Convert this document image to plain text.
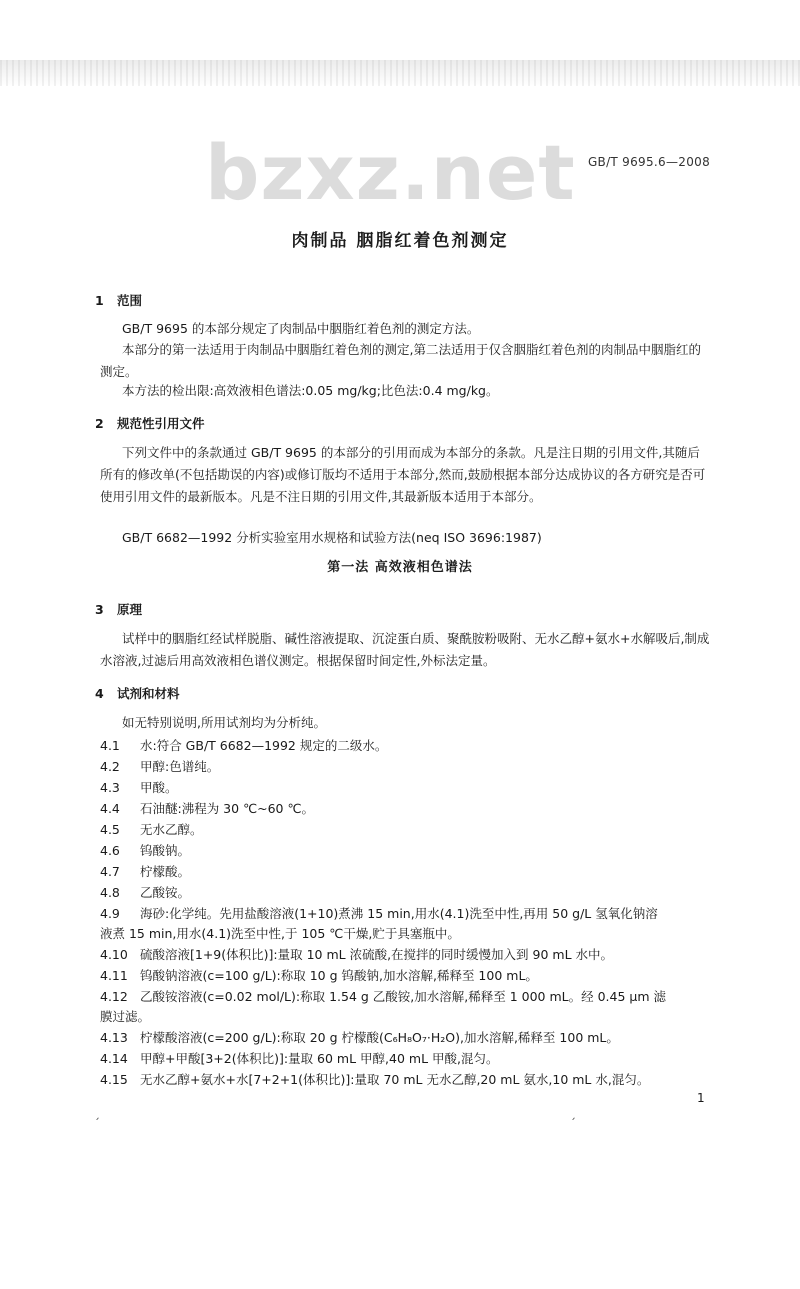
bzxz.net	GB/T 9695.6—2008
肉制品 胭脂红着色剂测定
1 范围
GB/T 9695 的本部分规定了肉制品中胭脂红着色剂的测定方法。
本部分的第一法适用于肉制品中胭脂红着色剂的测定,第二法适用于仅含胭脂红着色剂的肉制品中胭脂红的测定。
本方法的检出限:高效液相色谱法:0.05 mg/kg;比色法:0.4 mg/kg。
2 规范性引用文件
下列文件中的条款通过 GB/T 9695 的本部分的引用而成为本部分的条款。凡是注日期的引用文件,其随后所有的修改单(不包括勘误的内容)或修订版均不适用于本部分,然而,鼓励根据本部分达成协议的各方研究是否可使用引用文件的最新版本。凡是不注日期的引用文件,其最新版本适用于本部分。
GB/T 6682—1992 分析实验室用水规格和试验方法(neq ISO 3696:1987)
第一法 高效液相色谱法
3 原理
试样中的胭脂红经试样脱脂、碱性溶液提取、沉淀蛋白质、聚酰胺粉吸附、无水乙醇+氨水+水解吸后,制成水溶液,过滤后用高效液相色谱仪测定。根据保留时间定性,外标法定量。
4 试剂和材料
如无特别说明,所用试剂均为分析纯。
4.1 水:符合 GB/T 6682—1992 规定的二级水。
4.2 甲醇:色谱纯。
4.3 甲酸。
4.4 石油醚:沸程为 30 ℃~60 ℃。
4.5 无水乙醇。
4.6 钨酸钠。
4.7 柠檬酸。
4.8 乙酸铵。
4.9 海砂:化学纯。先用盐酸溶液(1+10)煮沸 15 min,用水(4.1)洗至中性,再用 50 g/L 氢氧化钠溶
液煮 15 min,用水(4.1)洗至中性,于 105 ℃干燥,贮于具塞瓶中。
4.10 硫酸溶液[1+9(体积比)]:量取 10 mL 浓硫酸,在搅拌的同时缓慢加入到 90 mL 水中。
4.11 钨酸钠溶液(c=100 g/L):称取 10 g 钨酸钠,加水溶解,稀释至 100 mL。
4.12 乙酸铵溶液(c=0.02 mol/L):称取 1.54 g 乙酸铵,加水溶解,稀释至 1 000 mL。经 0.45 μm 滤
膜过滤。
4.13 柠檬酸溶液(c=200 g/L):称取 20 g 柠檬酸(C₆H₈O₇·H₂O),加水溶解,稀释至 100 mL。
4.14 甲醇+甲酸[3+2(体积比)]:量取 60 mL 甲醇,40 mL 甲酸,混匀。
4.15 无水乙醇+氨水+水[7+2+1(体积比)]:量取 70 mL 无水乙醇,20 mL 氨水,10 mL 水,混匀。
1
ˏ	ˏ
